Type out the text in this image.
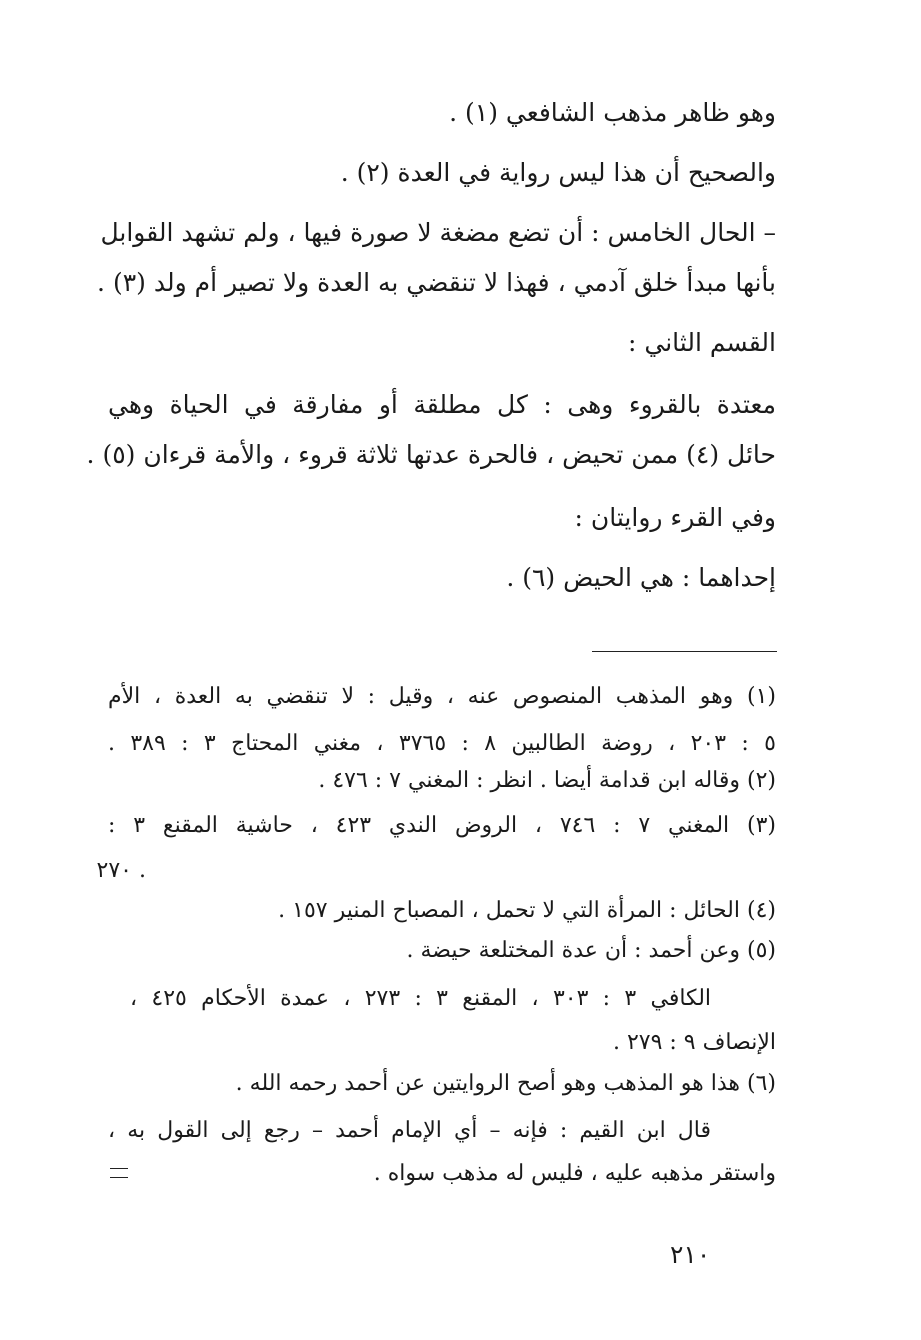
وهو ظاهر مذهب الشافعي (١) .
والصحيح أن هذا ليس رواية في العدة (٢) .
– الحال الخامس : أن تضع مضغة لا صورة فيها ، ولم تشهد القوابل
بأنها مبدأ خلق آدمي ، فهذا لا تنقضي به العدة ولا تصير أم ولد (٣) .
القسم الثاني :
معتدة بالقروء وهى : كل مطلقة أو مفارقة في الحياة وهي
حائل (٤) ممن تحيض ، فالحرة عدتها ثلاثة قروء ، والأمة قرءان (٥) .
وفي القرء روايتان :
إحداهما : هي الحيض (٦) .
(١) وهو المذهب المنصوص عنه ، وقيل : لا تنقضي به العدة ، الأم
٥ : ٢٠٣ ، روضة الطالبين ٨ : ٣٧٦٥ ، مغني المحتاج ٣ : ٣٨٩ .
(٢) وقاله ابن قدامة أيضا . انظر : المغني ٧ : ٤٧٦ .
(٣) المغني ٧ : ٧٤٦ ، الروض الندي ٤٢٣ ، حاشية المقنع ٣ :
٢٧٠ .
(٤) الحائل : المرأة التي لا تحمل ، المصباح المنير ١٥٧ .
(٥) وعن أحمد : أن عدة المختلعة حيضة .
الكافي ٣ : ٣٠٣ ، المقنع ٣ : ٢٧٣ ، عمدة الأحكام ٤٢٥ ،
الإنصاف ٩ : ٢٧٩ .
(٦) هذا هو المذهب وهو أصح الروايتين عن أحمد رحمه الله .
قال ابن القيم : فإنه – أي الإمام أحمد – رجع إلى القول به ،
واستقر مذهبه عليه ، فليس له مذهب سواه .
٢١٠
